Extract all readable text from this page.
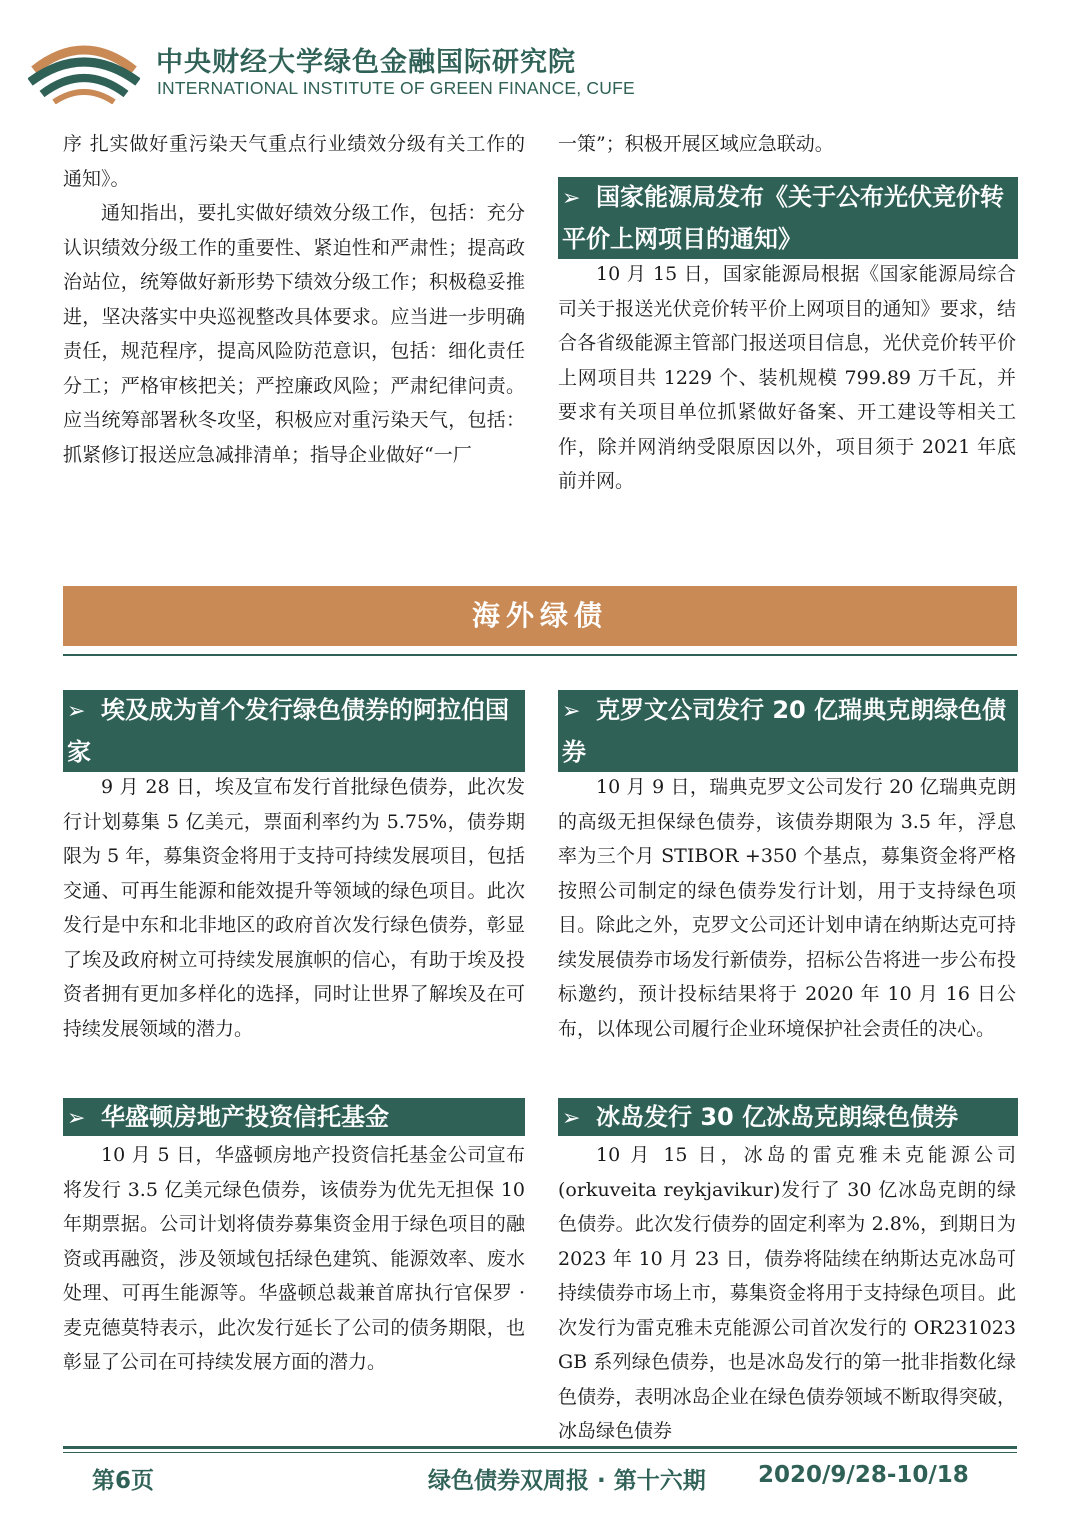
中央财经大学绿色金融国际研究院
INTERNATIONAL INSTITUTE OF GREEN FINANCE, CUFE

序 扎实做好重污染天气重点行业绩效分级有关工作的通知》。

通知指出，要扎实做好绩效分级工作，包括：充分认识绩效分级工作的重要性、紧迫性和严肃性；提高政治站位，统筹做好新形势下绩效分级工作；积极稳妥推进，坚决落实中央巡视整改具体要求。应当进一步明确责任，规范程序，提高风险防范意识，包括：细化责任分工；严格审核把关；严控廉政风险；严肃纪律问责。应当统筹部署秋冬攻坚，积极应对重污染天气，包括：抓紧修订报送应急减排清单；指导企业做好“一厂

一策”；积极开展区域应急联动。

➢ 国家能源局发布《关于公布光伏竞价转平价上网项目的通知》

10 月 15 日，国家能源局根据《国家能源局综合司关于报送光伏竞价转平价上网项目的通知》要求，结合各省级能源主管部门报送项目信息，光伏竞价转平价上网项目共 1229 个、装机规模 799.89 万千瓦，并要求有关项目单位抓紧做好备案、开工建设等相关工作，除并网消纳受限原因以外，项目须于 2021 年底前并网。

海外绿债
➢ 埃及成为首个发行绿色债券的阿拉伯国家

9 月 28 日，埃及宣布发行首批绿色债券，此次发行计划募集 5 亿美元，票面利率约为 5.75%，债券期限为 5 年，募集资金将用于支持可持续发展项目，包括交通、可再生能源和能效提升等领域的绿色项目。此次发行是中东和北非地区的政府首次发行绿色债券，彰显了埃及政府树立可持续发展旗帜的信心，有助于埃及投资者拥有更加多样化的选择，同时让世界了解埃及在可持续发展领域的潜力。

➢ 克罗文公司发行 20 亿瑞典克朗绿色债券

10 月 9 日，瑞典克罗文公司发行 20 亿瑞典克朗的高级无担保绿色债券，该债券期限为 3.5 年，浮息率为三个月 STIBOR +350 个基点，募集资金将严格按照公司制定的绿色债券发行计划，用于支持绿色项目。除此之外，克罗文公司还计划申请在纳斯达克可持续发展债券市场发行新债券，招标公告将进一步公布投标邀约，预计投标结果将于 2020 年 10 月 16 日公布，以体现公司履行企业环境保护社会责任的决心。

➢ 华盛顿房地产投资信托基金

10 月 5 日，华盛顿房地产投资信托基金公司宣布将发行 3.5 亿美元绿色债券，该债券为优先无担保 10 年期票据。公司计划将债券募集资金用于绿色项目的融资或再融资，涉及领域包括绿色建筑、能源效率、废水处理、可再生能源等。华盛顿总裁兼首席执行官保罗 · 麦克德莫特表示，此次发行延长了公司的债务期限，也彰显了公司在可持续发展方面的潜力。

➢ 冰岛发行 30 亿冰岛克朗绿色债券

10 月 15 日，冰岛的雷克雅未克能源公司(orkuveita reykjavikur)发行了 30 亿冰岛克朗的绿色债券。此次发行债券的固定利率为 2.8%，到期日为 2023 年 10 月 23 日，债券将陆续在纳斯达克冰岛可持续债券市场上市，募集资金将用于支持绿色项目。此次发行为雷克雅未克能源公司首次发行的 OR231023 GB 系列绿色债券，也是冰岛发行的第一批非指数化绿色债券，表明冰岛企业在绿色债券领域不断取得突破，冰岛绿色债券

第6页	绿色债券双周报 · 第十六期 2020/9/28-10/18
